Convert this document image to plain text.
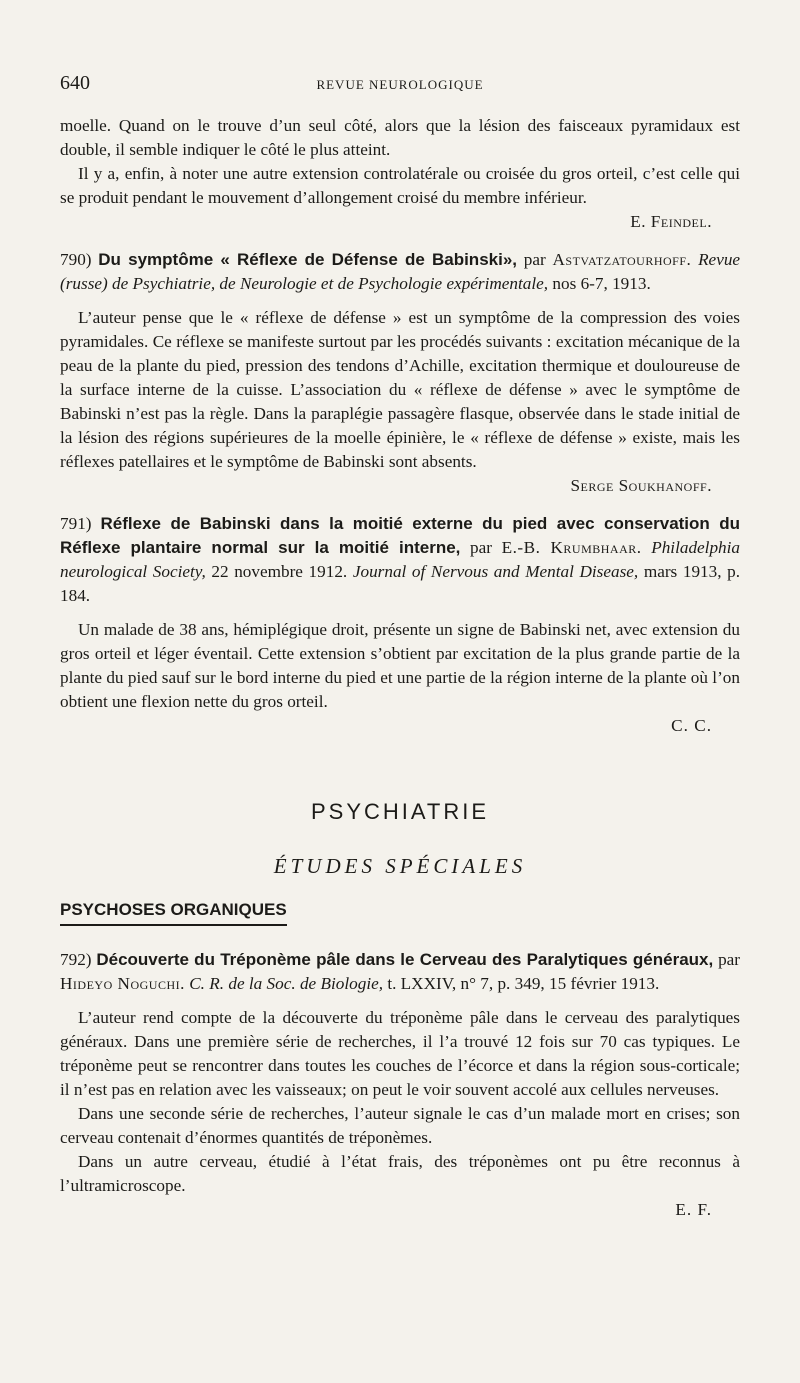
640	REVUE NEUROLOGIQUE

moelle. Quand on le trouve d’un seul côté, alors que la lésion des faisceaux pyramidaux est double, il semble indiquer le côté le plus atteint.

Il y a, enfin, à noter une autre extension controlatérale ou croisée du gros orteil, c’est celle qui se produit pendant le mouvement d’allongement croisé du membre inférieur.

E. Feindel.

790) Du symptôme « Réflexe de Défense de Babinski», par Astvatzatourhoff. Revue (russe) de Psychiatrie, de Neurologie et de Psychologie expérimentale, nos 6-7, 1913.

L’auteur pense que le « réflexe de défense » est un symptôme de la compression des voies pyramidales. Ce réflexe se manifeste surtout par les procédés suivants : excitation mécanique de la peau de la plante du pied, pression des tendons d’Achille, excitation thermique et douloureuse de la surface interne de la cuisse. L’association du « réflexe de défense » avec le symptôme de Babinski n’est pas la règle. Dans la paraplégie passagère flasque, observée dans le stade initial de la lésion des régions supérieures de la moelle épinière, le « réflexe de défense » existe, mais les réflexes patellaires et le symptôme de Babinski sont absents.

Serge Soukhanoff.

791) Réflexe de Babinski dans la moitié externe du pied avec conservation du Réflexe plantaire normal sur la moitié interne, par E.-B. Krumbhaar. Philadelphia neurological Society, 22 novembre 1912. Journal of Nervous and Mental Disease, mars 1913, p. 184.

Un malade de 38 ans, hémiplégique droit, présente un signe de Babinski net, avec extension du gros orteil et léger éventail. Cette extension s’obtient par excitation de la plus grande partie de la plante du pied sauf sur le bord interne du pied et une partie de la région interne de la plante où l’on obtient une flexion nette du gros orteil.

C. C.
PSYCHIATRIE
ÉTUDES SPÉCIALES
PSYCHOSES ORGANIQUES

792) Découverte du Tréponème pâle dans le Cerveau des Paralytiques généraux, par Hideyo Noguchi. C. R. de la Soc. de Biologie, t. LXXIV, n° 7, p. 349, 15 février 1913.

L’auteur rend compte de la découverte du tréponème pâle dans le cerveau des paralytiques généraux. Dans une première série de recherches, il l’a trouvé 12 fois sur 70 cas typiques. Le tréponème peut se rencontrer dans toutes les couches de l’écorce et dans la région sous-corticale; il n’est pas en relation avec les vaisseaux; on peut le voir souvent accolé aux cellules nerveuses.

Dans une seconde série de recherches, l’auteur signale le cas d’un malade mort en crises; son cerveau contenait d’énormes quantités de tréponèmes.

Dans un autre cerveau, étudié à l’état frais, des tréponèmes ont pu être reconnus à l’ultramicroscope.

E. F.
